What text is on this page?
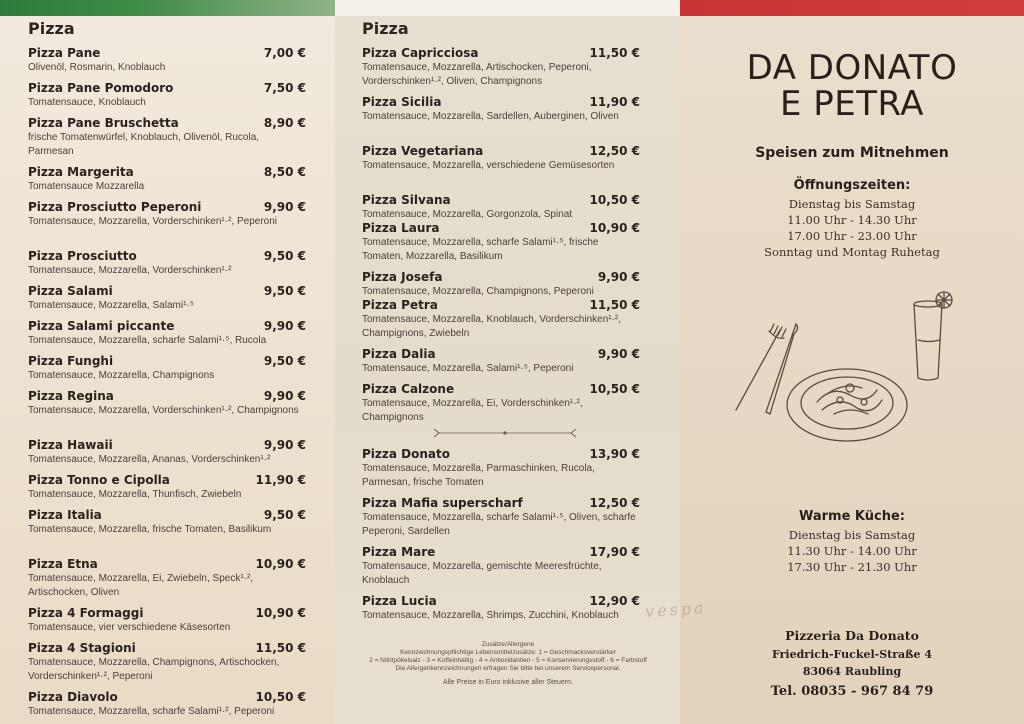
Pizza
Pizza Pane	7,00 €
Olivenöl, Rosmarin, Knoblauch
Pizza Pane Pomodoro	7,50 €
Tomatensauce, Knoblauch
Pizza Pane Bruschetta	8,90 €
frische Tomatenwürfel, Knoblauch, Olivenöl, Rucola, Parmesan
Pizza Margerita	8,50 €
Tomatensauce Mozzarella
Pizza Prosciutto Peperoni	9,90 €
Tomatensauce, Mozzarella, Vorderschinken¹·², Peperoni
Pizza Prosciutto	9,50 €
Tomatensauce, Mozzarella, Vorderschinken¹·²
Pizza Salami	9,50 €
Tomatensauce, Mozzarella, Salami¹·⁵
Pizza Salami piccante	9,90 €
Tomatensauce, Mozzarella, scharfe Salami¹·⁵, Rucola
Pizza Funghi	9,50 €
Tomatensauce, Mozzarella, Champignons
Pizza Regina	9,90 €
Tomatensauce, Mozzarella, Vorderschinken¹·², Champignons
Pizza Hawaii	9,90 €
Tomatensauce, Mozzarella, Ananas, Vorderschinken¹·²
Pizza Tonno e Cipolla	11,90 €
Tomatensauce, Mozzarella, Thunfisch, Zwiebeln
Pizza Italia	9,50 €
Tomatensauce, Mozzarella, frische Tomaten, Basilikum
Pizza Etna	10,90 €
Tomatensauce, Mozzarella, Ei, Zwiebeln, Speck¹·², Artischocken, Oliven
Pizza 4 Formaggi	10,90 €
Tomatensauce, vier verschiedene Käsesorten
Pizza 4 Stagioni	11,50 €
Tomatensauce, Mozzarella, Champignons, Artischocken, Vorderschinken¹·², Peperoni
Pizza Diavolo	10,50 €
Tomatensauce, Mozzarella, scharfe Salami¹·², Peperoni
Pizza
Pizza Capricciosa	11,50 €
Tomatensauce, Mozzarella, Artischocken, Peperoni, Vorderschinken¹·², Oliven, Champignons
Pizza Sicilia	11,90 €
Tomatensauce, Mozzarella, Sardellen, Auberginen, Oliven
Pizza Vegetariana	12,50 €
Tomatensauce, Mozzarella, verschiedene Gemüsesorten
Pizza Silvana	10,50 €
Tomatensauce, Mozzarella, Gorgonzola, Spinat
Pizza Laura	10,90 €
Tomatensauce, Mozzarella, scharfe Salami¹·⁵, frische Tomaten, Mozzarella, Basilikum
Pizza Josefa	9,90 €
Tomatensauce, Mozzarella, Champignons, Peperoni
Pizza Petra	11,50 €
Tomatensauce, Mozzarella, Knoblauch, Vorderschinken¹·², Champignons, Zwiebeln
Pizza Dalia	9,90 €
Tomatensauce, Mozzarella, Salami¹·⁵, Peperoni
Pizza Calzone	10,50 €
Tomatensauce, Mozzarella, Ei, Vorderschinken¹·², Champignons
Pizza Donato	13,90 €
Tomatensauce, Mozzarella, Parmaschinken, Rucola, Parmesan, frische Tomaten
Pizza Mafia superscharf	12,50 €
Tomatensauce, Mozzarella, scharfe Salami¹·⁵, Oliven, scharfe Peperoni, Sardellen
Pizza Mare	17,90 €
Tomatensauce, Mozzarella, gemischte Meeresfrüchte, Knoblauch
Pizza Lucia	12,90 €
Tomatensauce, Mozzarella, Shrimps, Zucchini, Knoblauch
Zusätze/Allergene
Kennzeichnungspflichtige Lebensmittelzusätze: 1 = Geschmacksverstärker
2 = Nitritpökelsalz - 3 = Koffeinhaltig - 4 = Antioxidantien - 5 = Konservierungsstoff - 6 = Farbstoff
Die Allergenkennzeichnungen erfragen Sie bitte bei unserem Servicepersonal.
Alle Preise in Euro inklusive aller Steuern.
DA DONATO
E PETRA
Speisen zum Mitnehmen
Öffnungszeiten:
Dienstag bis Samstag
11.00 Uhr - 14.30 Uhr
17.00 Uhr - 23.00 Uhr
Sonntag und Montag Ruhetag
vespa
Warme Küche:
Dienstag bis Samstag
11.30 Uhr - 14.00 Uhr
17.30 Uhr - 21.30 Uhr
Pizzeria Da Donato
Friedrich-Fuckel-Straße 4
83064 Raubling
Tel. 08035 - 967 84 79
